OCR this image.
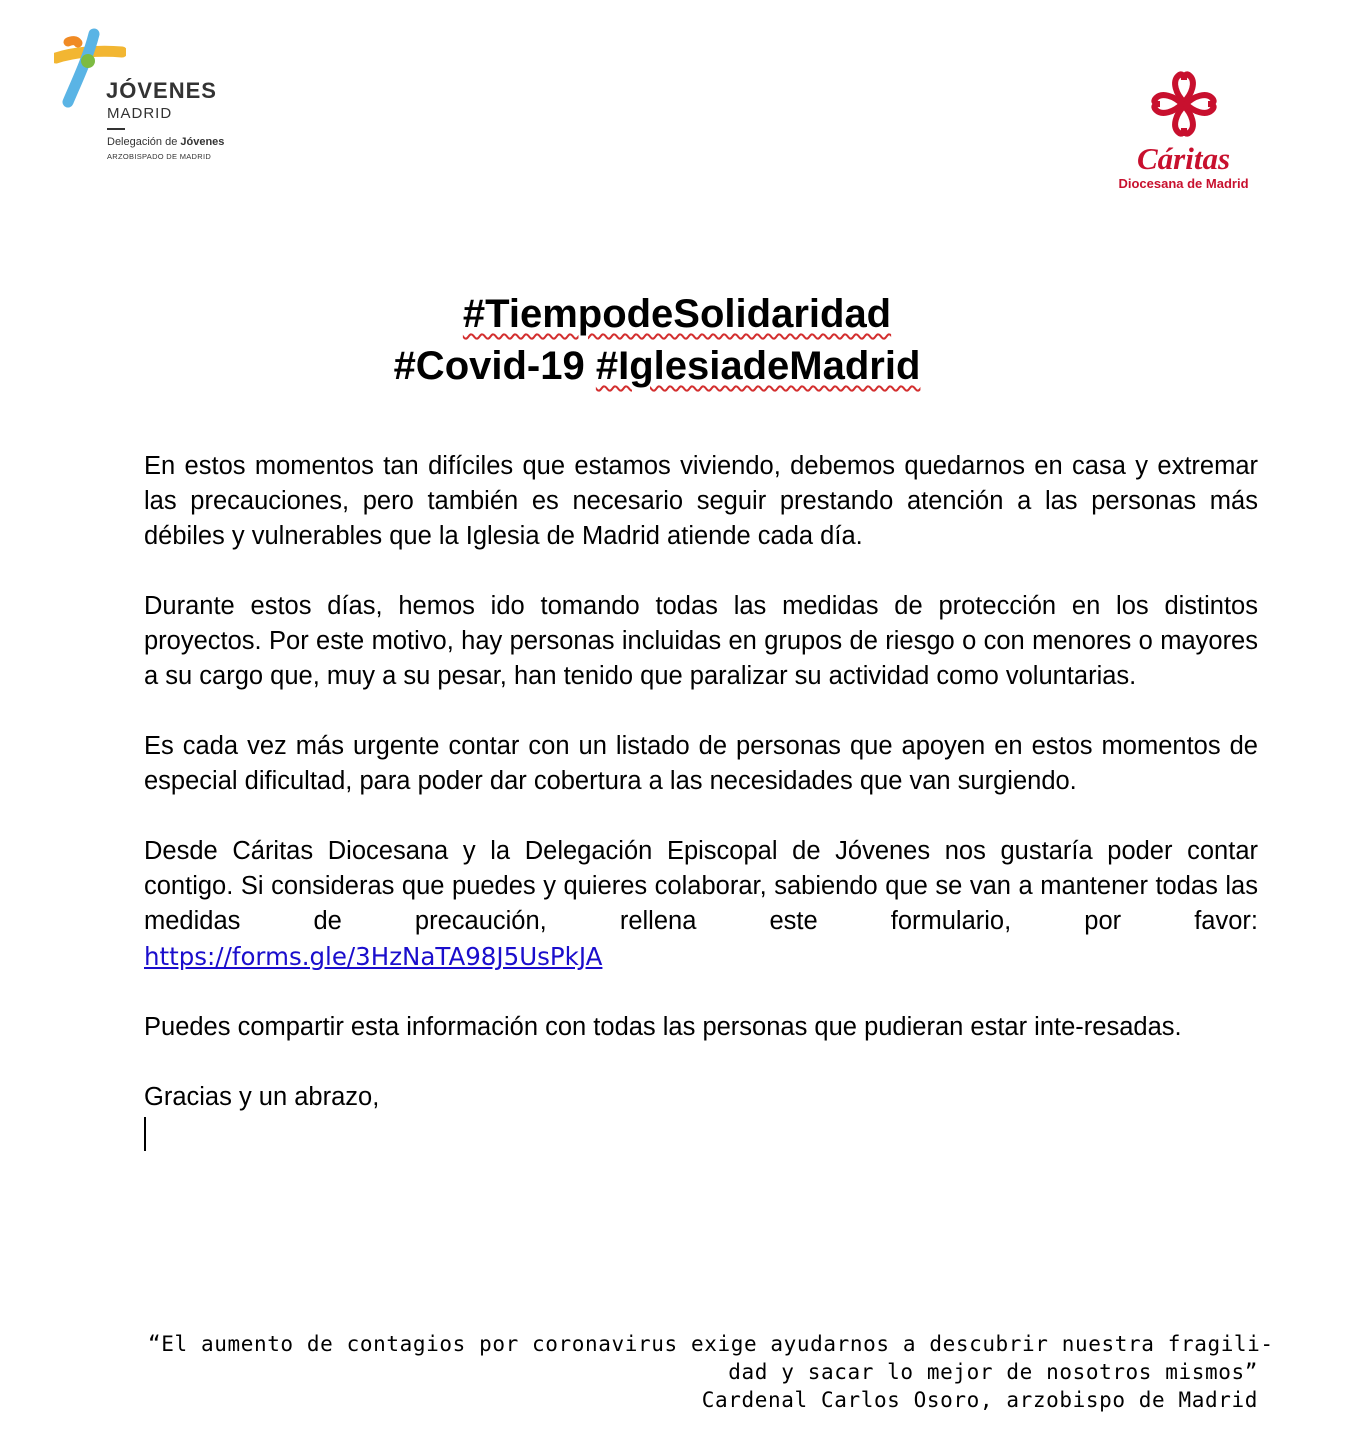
JÓVENES
MADRID
Delegación de Jóvenes
ARZOBISPADO DE MADRID	Cáritas
Diocesana de Madrid
#TiempodeSolidaridad
#Covid-19 #IglesiadeMadrid

En estos momentos tan difíciles que estamos viviendo, debemos quedarnos en casa y extremar las precauciones, pero también es necesario seguir prestando atención a las personas más débiles y vulnerables que la Iglesia de Madrid atiende cada día.

Durante estos días, hemos ido tomando todas las medidas de protección en los distintos proyectos. Por este motivo, hay personas incluidas en grupos de riesgo o con menores o mayores a su cargo que, muy a su pesar, han tenido que paralizar su actividad como voluntarias.

Es cada vez más urgente contar con un listado de personas que apoyen en estos momentos de especial dificultad, para poder dar cobertura a las necesidades que van surgiendo.

Desde Cáritas Diocesana y la Delegación Episcopal de Jóvenes nos gustaría poder contar contigo. Si consideras que puedes y quieres colaborar, sabiendo que se van a mantener todas las medidas de precaución, rellena este formulario, por favor: https://forms.gle/3HzNaTA98J5UsPkJA

Puedes compartir esta información con todas las personas que pudieran estar inte-resadas.

Gracias y un abrazo,

“El aumento de contagios por coronavirus exige ayudarnos a descubrir nuestra fragili-
dad y sacar lo mejor de nosotros mismos”
Cardenal Carlos Osoro, arzobispo de Madrid
